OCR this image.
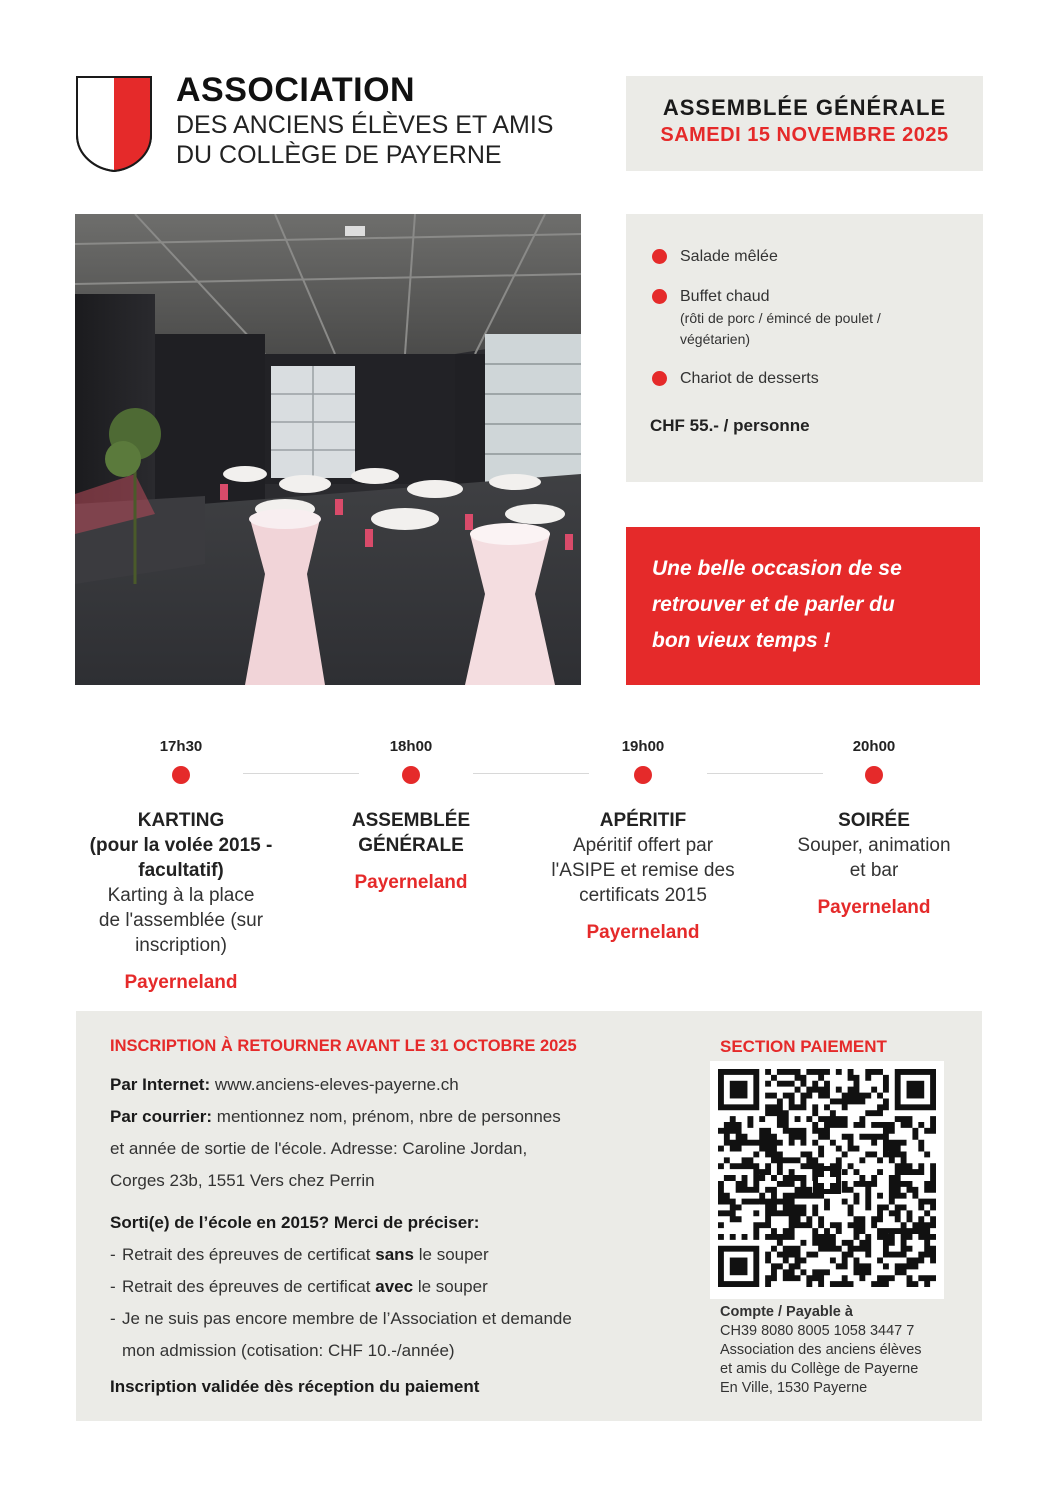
ASSOCIATION
DES ANCIENS ÉLÈVES ET AMIS
DU COLLÈGE DE PAYERNE
ASSEMBLÉE GÉNÉRALE
SAMEDI 15 NOVEMBRE 2025
Salade mêlée
Buffet chaud
(rôti de porc / émincé de poulet /
végétarien)
Chariot de desserts
CHF 55.- / personne
Une belle occasion de se
retrouver et de parler du
bon vieux temps !
17h30
KARTING
(pour la volée 2015 -
facultatif)
Karting à la place
de l'assemblée (sur
inscription)
Payerneland
18h00
ASSEMBLÉE
GÉNÉRALE
Payerneland
19h00
APÉRITIF
Apéritif offert par
l'ASIPE et remise des
certificats 2015
Payerneland
20h00
SOIRÉE
Souper, animation
et bar
Payerneland
INSCRIPTION À RETOURNER AVANT LE 31 OCTOBRE 2025
Par Internet: www.anciens-eleves-payerne.ch
Par courrier: mentionnez nom, prénom, nbre de personnes
et année de sortie de l'école. Adresse: Caroline Jordan,
Corges 23b, 1551 Vers chez Perrin
Sorti(e) de l’école en 2015? Merci de préciser:
- Retrait des épreuves de certificat sans le souper
- Retrait des épreuves de certificat avec le souper
- Je ne suis pas encore membre de l’Association et demande
mon admission (cotisation: CHF 10.-/année)
Inscription validée dès réception du paiement
SECTION PAIEMENT
Compte / Payable à
CH39 8080 8005 1058 3447 7
Association des anciens élèves
et amis du Collège de Payerne
En Ville, 1530 Payerne
